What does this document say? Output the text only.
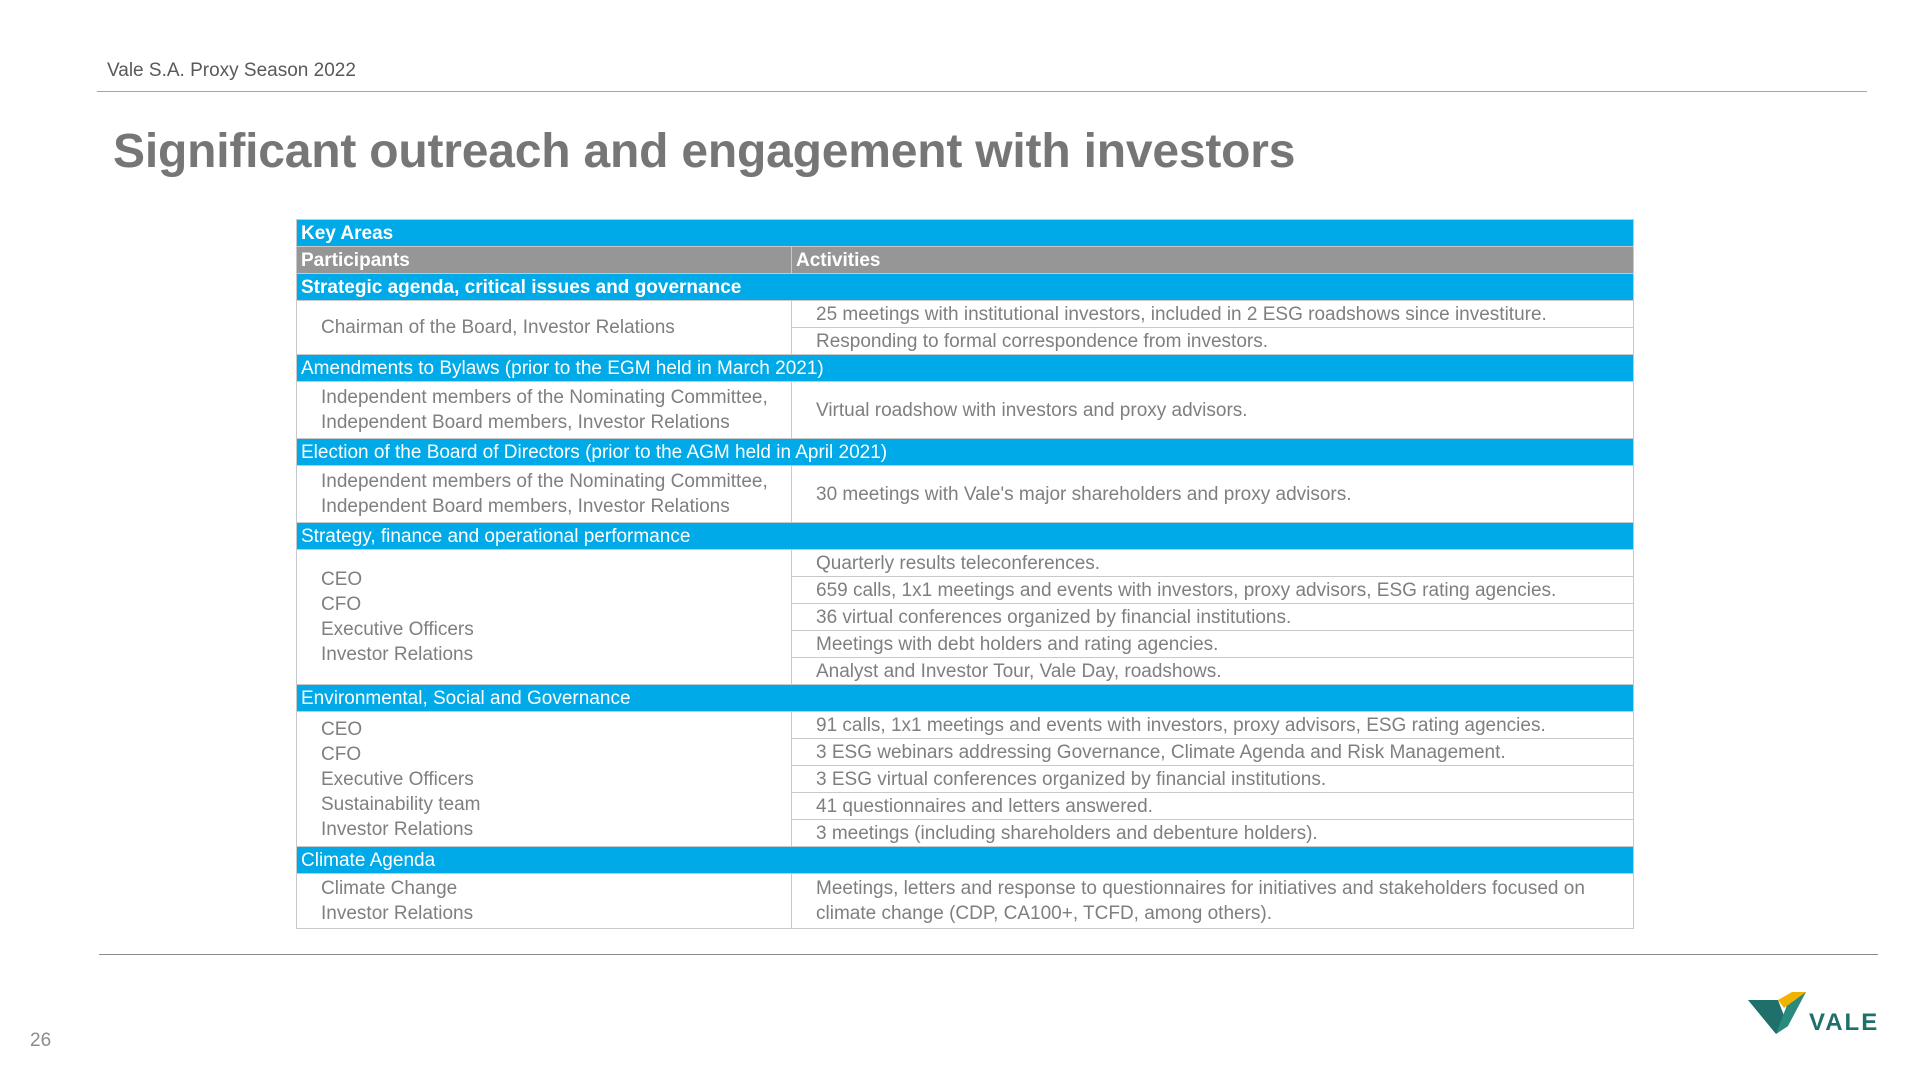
Vale S.A. Proxy Season 2022
Significant outreach and engagement with investors
Key Areas	
Participants	Activities
Strategic agenda, critical issues and governance	

Chairman of the Board, Investor Relations	25 meetings with institutional investors, included in 2 ESG roadshows since investiture.
	Responding to formal correspondence from investors.
Amendments to Bylaws (prior to the EGM held in March 2021)	

Independent members of the Nominating Committee,
Independent Board members, Investor Relations	Virtual roadshow with investors and proxy advisors.
Election of the Board of Directors (prior to the AGM held in April 2021)	

Independent members of the Nominating Committee,
Independent Board members, Investor Relations	30 meetings with Vale's major shareholders and proxy advisors.
Strategy, finance and operational performance	

CEO
CFO
Executive Officers
Investor Relations	Quarterly results teleconferences.
	659 calls, 1x1 meetings and events with investors, proxy advisors, ESG rating agencies.
	36 virtual conferences organized by financial institutions.
	Meetings with debt holders and rating agencies.
	Analyst and Investor Tour, Vale Day, roadshows.
Environmental, Social and Governance	

CEO
CFO
Executive Officers
Sustainability team
Investor Relations	91 calls, 1x1 meetings and events with investors, proxy advisors, ESG rating agencies.
	3 ESG webinars addressing Governance, Climate Agenda and Risk Management.
	3 ESG virtual conferences organized by financial institutions.
	41 questionnaires and letters answered.
	3 meetings (including shareholders and debenture holders).
Climate Agenda	

Climate Change
Investor Relations	Meetings, letters and response to questionnaires for initiatives and stakeholders focused on climate change (CDP, CA100+, TCFD, among others).
26
VALE
